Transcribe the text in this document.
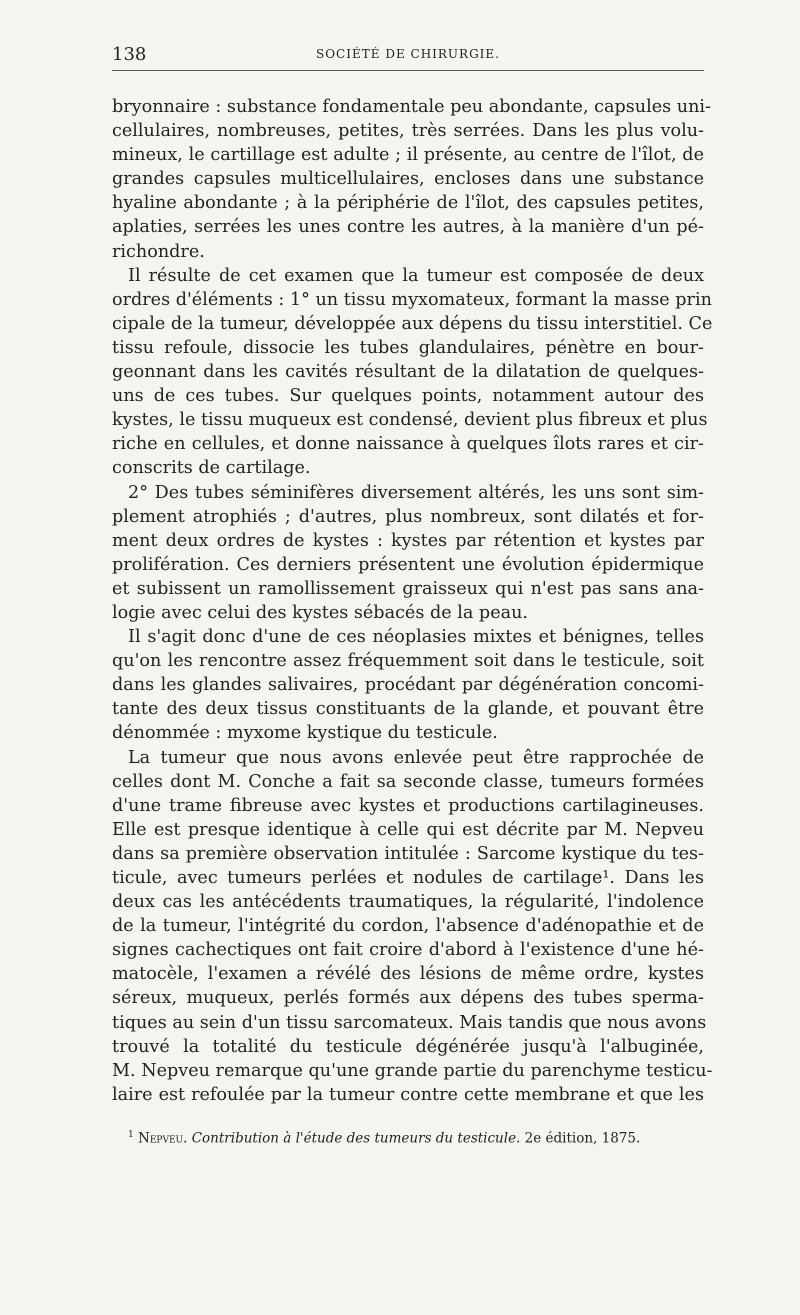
138	SOCIÉTÉ DE CHIRURGIE.
bryonnaire : substance fondamentale peu abondante, capsules uni-
cellulaires, nombreuses, petites, très serrées. Dans les plus volu-
mineux, le cartillage est adulte ; il présente, au centre de l'îlot, de
grandes capsules multicellulaires, encloses dans une substance
hyaline abondante ; à la périphérie de l'îlot, des capsules petites,
aplaties, serrées les unes contre les autres, à la manière d'un pé-
richondre.
Il résulte de cet examen que la tumeur est composée de deux
ordres d'éléments : 1° un tissu myxomateux, formant la masse prin
cipale de la tumeur, développée aux dépens du tissu interstitiel. Ce
tissu refoule, dissocie les tubes glandulaires, pénètre en bour-
geonnant dans les cavités résultant de la dilatation de quelques-
uns de ces tubes. Sur quelques points, notamment autour des
kystes, le tissu muqueux est condensé, devient plus fibreux et plus
riche en cellules, et donne naissance à quelques îlots rares et cir-
conscrits de cartilage.
2° Des tubes séminifères diversement altérés, les uns sont sim-
plement atrophiés ; d'autres, plus nombreux, sont dilatés et for-
ment deux ordres de kystes : kystes par rétention et kystes par
prolifération. Ces derniers présentent une évolution épidermique
et subissent un ramollissement graisseux qui n'est pas sans ana-
logie avec celui des kystes sébacés de la peau.
Il s'agit donc d'une de ces néoplasies mixtes et bénignes, telles
qu'on les rencontre assez fréquemment soit dans le testicule, soit
dans les glandes salivaires, procédant par dégénération concomi-
tante des deux tissus constituants de la glande, et pouvant être
dénommée : myxome kystique du testicule.
La tumeur que nous avons enlevée peut être rapprochée de
celles dont M. Conche a fait sa seconde classe, tumeurs formées
d'une trame fibreuse avec kystes et productions cartilagineuses.
Elle est presque identique à celle qui est décrite par M. Nepveu
dans sa première observation intitulée : Sarcome kystique du tes-
ticule, avec tumeurs perlées et nodules de cartilage¹. Dans les
deux cas les antécédents traumatiques, la régularité, l'indolence
de la tumeur, l'intégrité du cordon, l'absence d'adénopathie et de
signes cachectiques ont fait croire d'abord à l'existence d'une hé-
matocèle, l'examen a révélé des lésions de même ordre, kystes
séreux, muqueux, perlés formés aux dépens des tubes sperma-
tiques au sein d'un tissu sarcomateux. Mais tandis que nous avons
trouvé la totalité du testicule dégénérée jusqu'à l'albuginée,
M. Nepveu remarque qu'une grande partie du parenchyme testicu-
laire est refoulée par la tumeur contre cette membrane et que les
$^1$ Nepveu. Contribution à l'étude des tumeurs du testicule. 2e édition, 1875.
